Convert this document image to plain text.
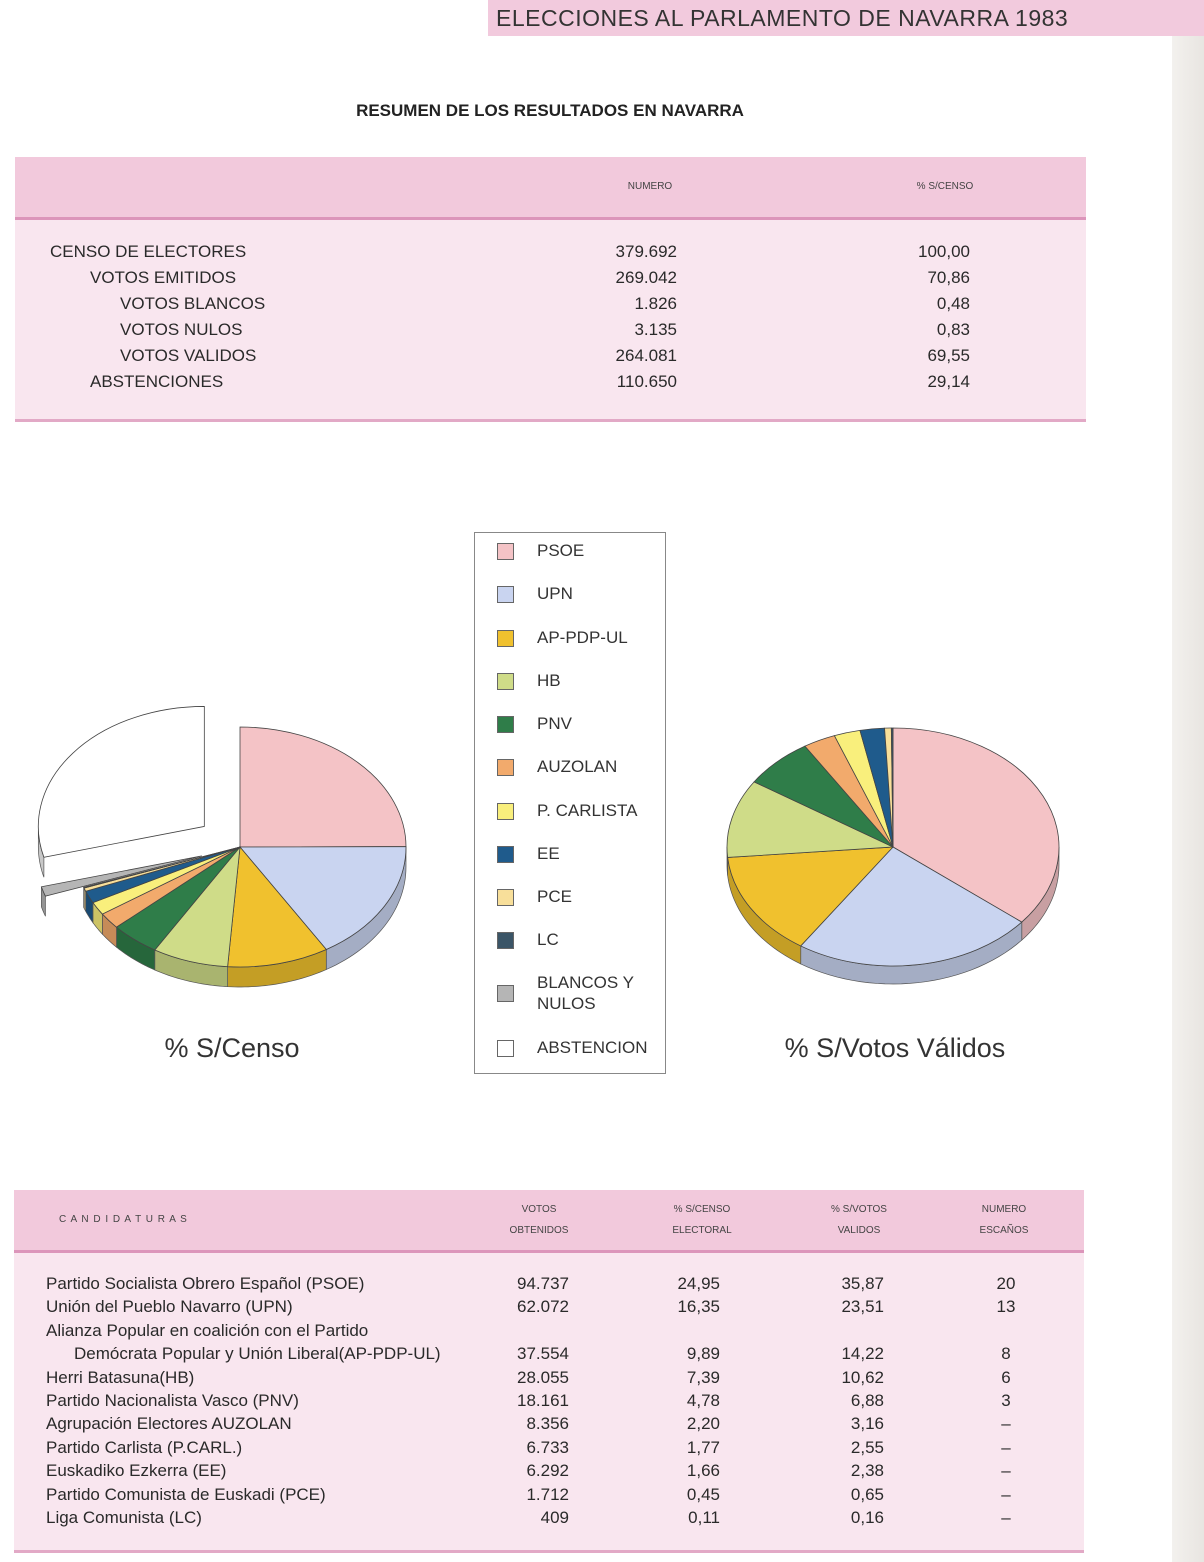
ELECCIONES AL PARLAMENTO DE NAVARRA 1983
RESUMEN DE LOS RESULTADOS EN NAVARRA
NUMERO	% S/CENSO
CENSO DE ELECTORES	379.692	100,00
VOTOS EMITIDOS	269.042	70,86
VOTOS BLANCOS	1.826	0,48
VOTOS NULOS	3.135	0,83
VOTOS VALIDOS	264.081	69,55
ABSTENCIONES	110.650	29,14
PSOE
UPN
AP-PDP-UL
HB
PNV
AUZOLAN
P. CARLISTA
EE
PCE
LC
BLANCOS Y
NULOS
ABSTENCION
% S/Censo	% S/Votos Válidos
C A N D I D A T U R A S
VOTOS
OBTENIDOS
% S/CENSO
ELECTORAL
% S/VOTOS
VALIDOS
NUMERO
ESCAÑOS
Partido Socialista Obrero Español (PSOE)	94.737	24,95	35,87	20
Unión del Pueblo Navarro (UPN)	62.072	16,35	23,51	13
Alianza Popular en coalición con el Partido
Demócrata Popular y Unión Liberal(AP-PDP-UL)	37.554	9,89	14,22	8
Herri Batasuna(HB)	28.055	7,39	10,62	6
Partido Nacionalista Vasco (PNV)	18.161	4,78	6,88	3
Agrupación Electores AUZOLAN	8.356	2,20	3,16	–
Partido Carlista (P.CARL.)	6.733	1,77	2,55	–
Euskadiko Ezkerra (EE)	6.292	1,66	2,38	–
Partido Comunista de Euskadi (PCE)	1.712	0,45	0,65	–
Liga Comunista (LC)	409	0,11	0,16	–
